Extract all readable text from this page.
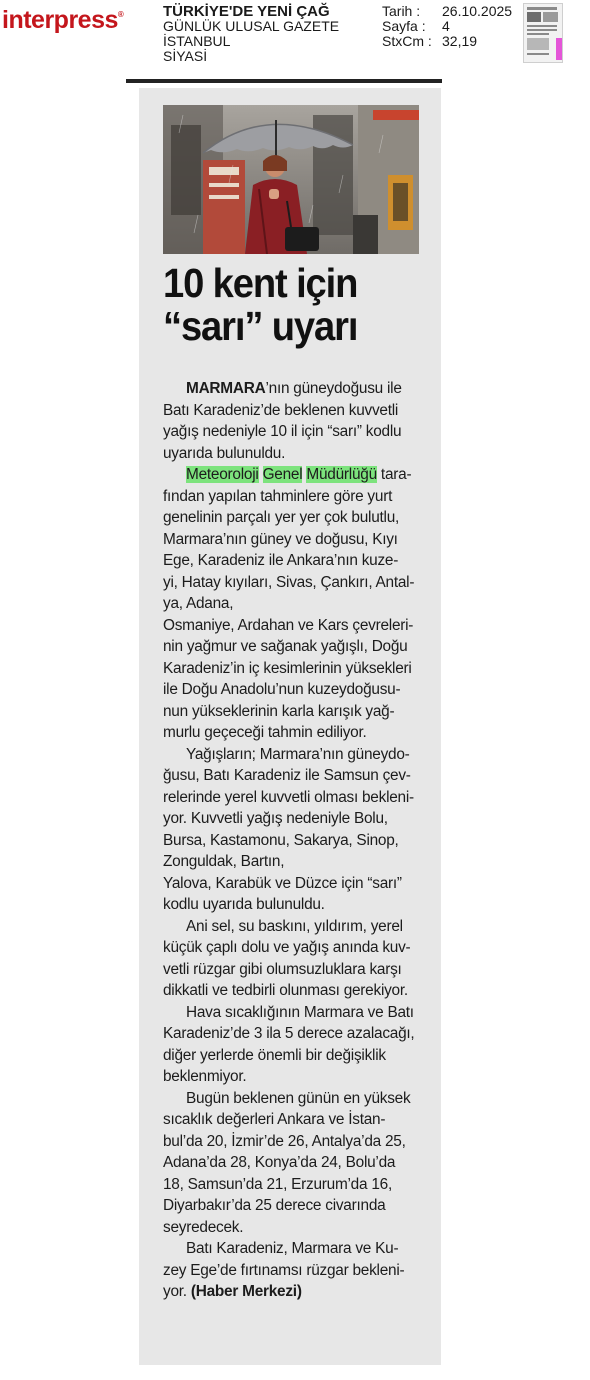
interpress®	TÜRKİYE'DE YENİ ÇAĞ
GÜNLÜK ULUSAL GAZETE
İSTANBUL
SİYASİ
Tarih :	26.10.2025
Sayfa :	4
StxCm : 32,19
10 kent için
“sarı” uyarı
MARMARA’nın güneydoğusu ile
Batı Karadeniz’de beklenen kuvvetli
yağış nedeniyle 10 il için “sarı” kodlu
uyarıda bulunuldu.
Meteoroloji Genel Müdürlüğü tara-
fından yapılan tahminlere göre yurt
genelinin parçalı yer yer çok bulutlu,
Marmara’nın güney ve doğusu, Kıyı
Ege, Karadeniz ile Ankara’nın kuze-
yi, Hatay kıyıları, Sivas, Çankırı, Antal-
ya, Adana,
Osmaniye, Ardahan ve Kars çevreleri-
nin yağmur ve sağanak yağışlı, Doğu
Karadeniz’in iç kesimlerinin yüksekleri
ile Doğu Anadolu’nun kuzeydoğusu-
nun yükseklerinin karla karışık yağ-
murlu geçeceği tahmin ediliyor.
Yağışların; Marmara’nın güneydo-
ğusu, Batı Karadeniz ile Samsun çev-
relerinde yerel kuvvetli olması bekleni-
yor. Kuvvetli yağış nedeniyle Bolu,
Bursa, Kastamonu, Sakarya, Sinop,
Zonguldak, Bartın,
Yalova, Karabük ve Düzce için “sarı”
kodlu uyarıda bulunuldu.
Ani sel, su baskını, yıldırım, yerel
küçük çaplı dolu ve yağış anında kuv-
vetli rüzgar gibi olumsuzluklara karşı
dikkatli ve tedbirli olunması gerekiyor.
Hava sıcaklığının Marmara ve Batı
Karadeniz’de 3 ila 5 derece azalacağı,
diğer yerlerde önemli bir değişiklik
beklenmiyor.
Bugün beklenen günün en yüksek
sıcaklık değerleri Ankara ve İstan-
bul’da 20, İzmir’de 26, Antalya’da 25,
Adana’da 28, Konya’da 24, Bolu’da
18, Samsun’da 21, Erzurum’da 16,
Diyarbakır’da 25 derece civarında
seyredecek.
Batı Karadeniz, Marmara ve Ku-
zey Ege’de fırtınamsı rüzgar bekleni-
yor. (Haber Merkezi)
